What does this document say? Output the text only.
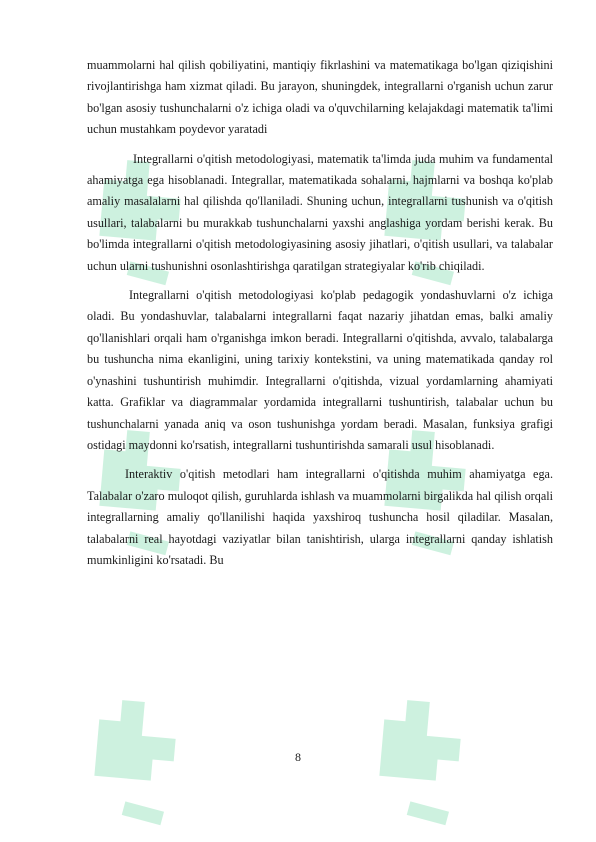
muammolarni hal qilish qobiliyatini, mantiqiy fikrlashini va matematikaga bo'lgan qiziqishini rivojlantirishga ham xizmat qiladi. Bu jarayon, shuningdek, integrallarni o'rganish uchun zarur bo'lgan asosiy tushunchalarni o'z ichiga oladi va o'quvchilarning kelajakdagi matematik ta'limi uchun mustahkam poydevor yaratadi

Integrallarni o'qitish metodologiyasi, matematik ta'limda juda muhim va fundamental ahamiyatga ega hisoblanadi. Integrallar, matematikada sohalarni, hajmlarni va boshqa ko'plab amaliy masalalarni hal qilishda qo'llaniladi. Shuning uchun, integrallarni tushunish va o'qitish usullari, talabalarni bu murakkab tushunchalarni yaxshi anglashiga yordam berishi kerak. Bu bo'limda integrallarni o'qitish metodologiyasining asosiy jihatlari, o'qitish usullari, va talabalar uchun ularni tushunishni osonlashtirishga qaratilgan strategiyalar ko'rib chiqiladi.

Integrallarni o'qitish metodologiyasi ko'plab pedagogik yondashuvlarni o'z ichiga oladi. Bu yondashuvlar, talabalarni integrallarni faqat nazariy jihatdan emas, balki amaliy qo'llanishlari orqali ham o'rganishga imkon beradi. Integrallarni o'qitishda, avvalo, talabalarga bu tushuncha nima ekanligini, uning tarixiy kontekstini, va uning matematikada qanday rol o'ynashini tushuntirish muhimdir. Integrallarni o'qitishda, vizual yordamlarning ahamiyati katta. Grafiklar va diagrammalar yordamida integrallarni tushuntirish, talabalar uchun bu tushunchalarni yanada aniq va oson tushunishga yordam beradi. Masalan, funksiya grafigi ostidagi maydonni ko'rsatish, integrallarni tushuntirishda samarali usul hisoblanadi.

Interaktiv o'qitish metodlari ham integrallarni o'qitishda muhim ahamiyatga ega. Talabalar o'zaro muloqot qilish, guruhlarda ishlash va muammolarni birgalikda hal qilish orqali integrallarning amaliy qo'llanilishi haqida yaxshiroq tushuncha hosil qiladilar. Masalan, talabalarni real hayotdagi vaziyatlar bilan tanishtirish, ularga integrallarni qanday ishlatish mumkinligini ko'rsatadi. Bu

8
